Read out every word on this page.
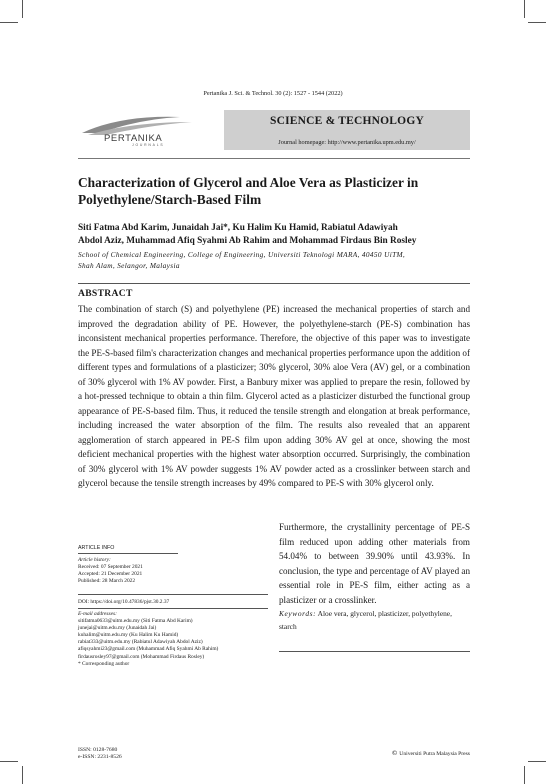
Pertanika J. Sci. & Technol. 30 (2): 1527 - 1544 (2022)
PERTANIKA
JOURNALS
SCIENCE & TECHNOLOGY
Journal homepage: http://www.pertanika.upm.edu.my/
Characterization of Glycerol and Aloe Vera as Plasticizer in
Polyethylene/Starch-Based Film
Siti Fatma Abd Karim, Junaidah Jai*, Ku Halim Ku Hamid, Rabiatul Adawiyah
Abdol Aziz, Muhammad Afiq Syahmi Ab Rahim and Mohammad Firdaus Bin Rosley
School of Chemical Engineering, College of Engineering, Universiti Teknologi MARA, 40450 UiTM,
Shah Alam, Selangor, Malaysia
ABSTRACT
The combination of starch (S) and polyethylene (PE) increased the mechanical properties of starch and improved the degradation ability of PE. However, the polyethylene-starch (PE-S) combination has inconsistent mechanical properties performance. Therefore, the objective of this paper was to investigate the PE-S-based film's characterization changes and mechanical properties performance upon the addition of different types and formulations of a plasticizer; 30% glycerol, 30% aloe Vera (AV) gel, or a combination of 30% glycerol with 1% AV powder. First, a Banbury mixer was applied to prepare the resin, followed by a hot-pressed technique to obtain a thin film. Glycerol acted as a plasticizer disturbed the functional group appearance of PE-S-based film. Thus, it reduced the tensile strength and elongation at break performance, including increased the water absorption of the film. The results also revealed that an apparent agglomeration of starch appeared in PE-S film upon adding 30% AV gel at once, showing the most deficient mechanical properties with the highest water absorption occurred. Surprisingly, the combination of 30% glycerol with 1% AV powder suggests 1% AV powder acted as a crosslinker between starch and glycerol because the tensile strength increases by 49% compared to PE-S with 30% glycerol only.
Furthermore, the crystallinity percentage of PE-S film reduced upon adding other materials from 54.04% to between 39.90% until 43.93%. In conclusion, the type and percentage of AV played an essential role in PE-S film, either acting as a plasticizer or a crosslinker.
Keywords: Aloe vera, glycerol, plasticizer, polyethylene, starch
ARTICLE INFO
Article history:
Received: 07 September 2021
Accepted: 21 December 2021
Published: 28 March 2022
DOI: https://doi.org/10.47836/pjst.30.2.37
E-mail addresses:
sitifatma0633@uitm.edu.my (Siti Fatma Abd Karim)
junejai@uitm.edu.my (Junaidah Jai)
kuhalim@uitm.edu.my (Ku Halim Ku Hamid)
rabiat333@uitm.edu.my (Rabiatul Adawiyah Abdol Aziz)
afiqsyahmi23@gmail.com (Muhammad Afiq Syahmi Ab Rahim)
firdausrosley97@gmail.com (Mohammad Firdaus Rosley)
* Corresponding author
ISSN: 0128-7680
e-ISSN: 2231-8526
© Universiti Putra Malaysia Press
